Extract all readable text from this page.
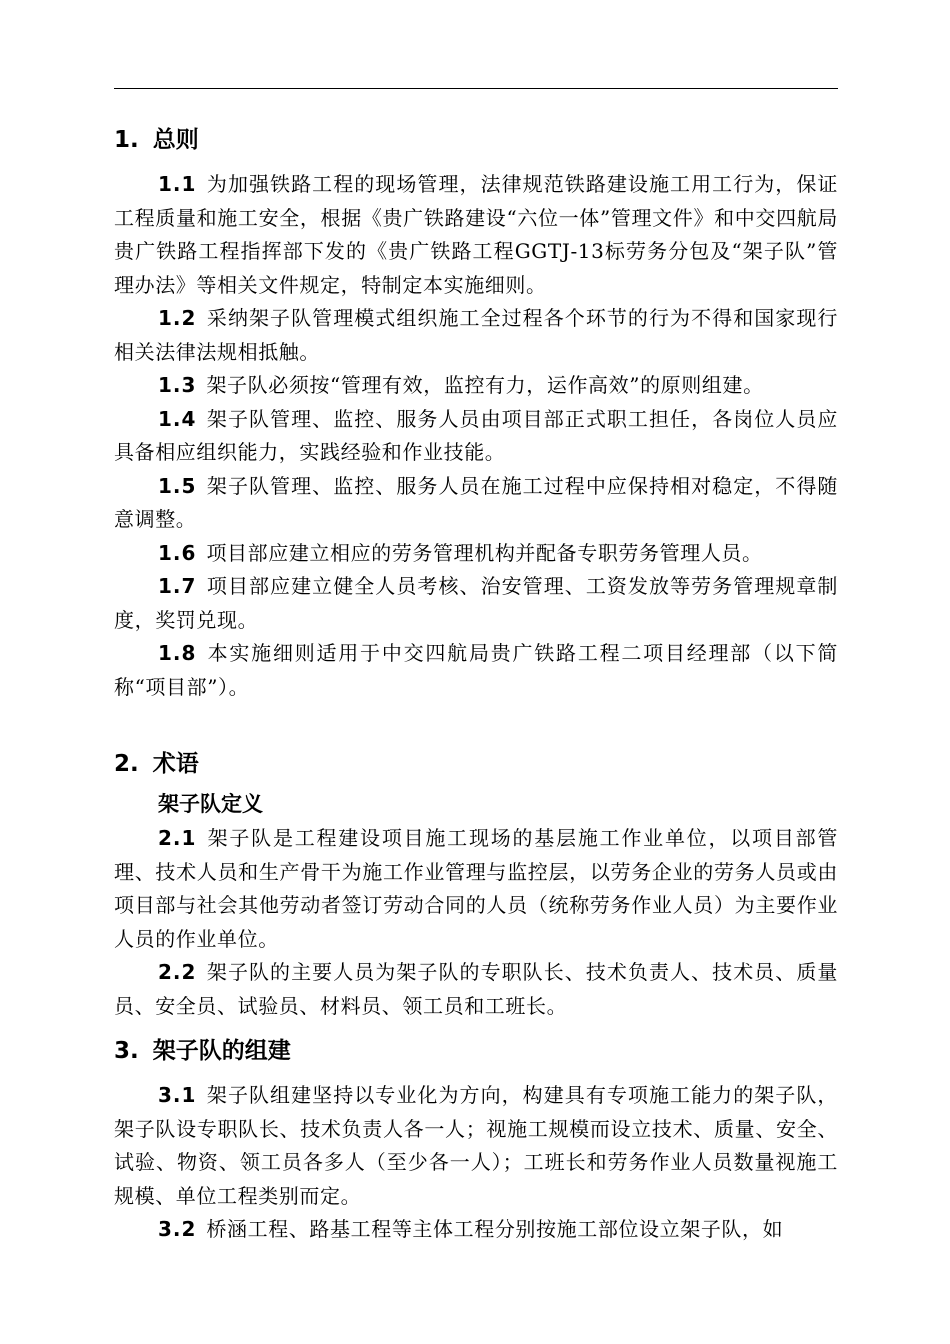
1. 总则

1.1 为加强铁路工程的现场管理，法律规范铁路建设施工用工行为，保证工程质量和施工安全，根据《贵广铁路建设“六位一体”管理文件》和中交四航局贵广铁路工程指挥部下发的《贵广铁路工程GGTJ-13标劳务分包及“架子队”管理办法》等相关文件规定，特制定本实施细则。

1.2 采纳架子队管理模式组织施工全过程各个环节的行为不得和国家现行相关法律法规相抵触。

1.3 架子队必须按“管理有效，监控有力，运作高效”的原则组建。

1.4 架子队管理、监控、服务人员由项目部正式职工担任，各岗位人员应具备相应组织能力，实践经验和作业技能。

1.5 架子队管理、监控、服务人员在施工过程中应保持相对稳定，不得随意调整。

1.6 项目部应建立相应的劳务管理机构并配备专职劳务管理人员。

1.7 项目部应建立健全人员考核、治安管理、工资发放等劳务管理规章制度，奖罚兑现。

1.8 本实施细则适用于中交四航局贵广铁路工程二项目经理部（以下简称“项目部”）。

2. 术语
架子队定义

2.1 架子队是工程建设项目施工现场的基层施工作业单位，以项目部管理、技术人员和生产骨干为施工作业管理与监控层，以劳务企业的劳务人员或由项目部与社会其他劳动者签订劳动合同的人员（统称劳务作业人员）为主要作业人员的作业单位。

2.2 架子队的主要人员为架子队的专职队长、技术负责人、技术员、质量员、安全员、试验员、材料员、领工员和工班长。

3. 架子队的组建

3.1 架子队组建坚持以专业化为方向，构建具有专项施工能力的架子队，架子队设专职队长、技术负责人各一人；视施工规模而设立技术、质量、安全、试验、物资、领工员各多人（至少各一人）；工班长和劳务作业人员数量视施工规模、单位工程类别而定。

3.2 桥涵工程、路基工程等主体工程分别按施工部位设立架子队，如
